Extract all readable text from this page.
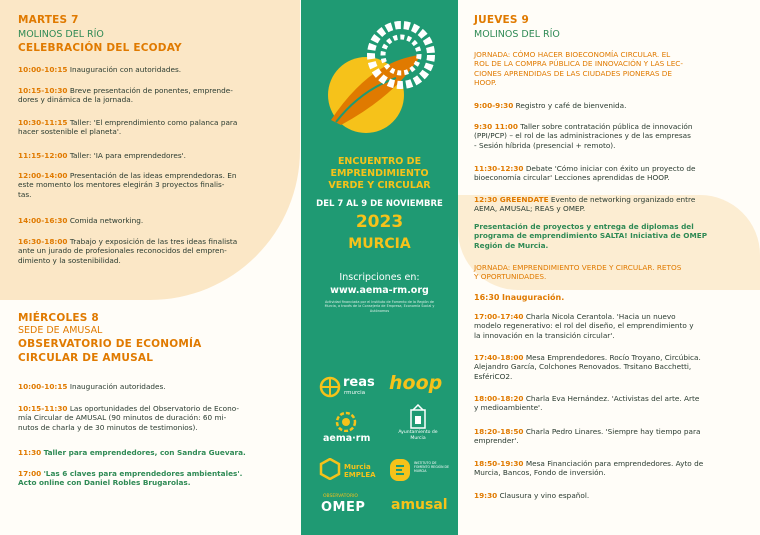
MARTES 7
MOLINOS DEL RÍO
CELEBRACIÓN DEL ECODAY
10:00-10:15 Inauguración con autoridades.
10:15-10:30 Breve presentación de ponentes, emprende-
dores y dinámica de la jornada.
10:30-11:15 Taller: 'El emprendimiento como palanca para
hacer sostenible el planeta'.
11:15-12:00 Taller: 'IA para emprendedores'.
12:00-14:00 Presentación de las ideas emprendedoras. En
este momento los mentores elegirán 3 proyectos finalis-
tas.
14:00-16:30 Comida networking.
16:30-18:00 Trabajo y exposición de las tres ideas finalista
ante un jurado de profesionales reconocidos del empren-
dimiento y la sostenibilidad.
MIÉRCOLES 8
SEDE DE AMUSAL
OBSERVATORIO DE ECONOMÍA
CIRCULAR DE AMUSAL
10:00-10:15 Inauguración autoridades.
10:15-11:30 Las oportunidades del Observatorio de Econo-
mía Circular de AMUSAL (90 minutos de duración: 60 mi-
nutos de charla y de 30 minutos de testimonios).
11:30 Taller para emprendedores, con Sandra Guevara.
17:00 'Las 6 claves para emprendedores ambientales'.
Acto online con Daniel Robles Brugarolas.
ENCUENTRO DE
EMPRENDIMIENTO
VERDE Y CIRCULAR
DEL 7 AL 9 DE NOVIEMBRE
2023
MURCIA
Inscripciones en:
www.aema-rm.org
Actividad financiada por el Instituto de Fomento de la Región de Murcia, a través de la Consejería de Empresa, Economía Social y Autónomos
reas
rmurcia hoop
aema·rm
Ayuntamiento de Murcia
Murcia EMPLEA
INSTITUTO DE FOMENTO REGIÓN DE MURCIA
OBSERVATORIO
OMEP amusal
JUEVES 9
MOLINOS DEL RÍO
JORNADA: CÓMO HACER BIOECONOMÍA CIRCULAR. EL
ROL DE LA COMPRA PÚBLICA DE INNOVACIÓN Y LAS LEC-
CIONES APRENDIDAS DE LAS CIUDADES PIONERAS DE
HOOP.
9:00-9:30 Registro y café de bienvenida.
9:30 11:00 Taller sobre contratación pública de innovación
(PPI/PCP) – el rol de las administraciones y de las empresas
- Sesión híbrida (presencial + remoto).
11:30-12:30 Debate 'Cómo iniciar con éxito un proyecto de
bioeconomía circular' Lecciones aprendidas de HOOP.
12:30 GREENDATE Evento de networking organizado entre
AEMA, AMUSAL; REAS y OMEP.
Presentación de proyectos y entrega de diplomas del
programa de emprendimiento SALTA! Iniciativa de OMEP
Región de Murcia.
JORNADA: EMPRENDIMIENTO VERDE Y CIRCULAR. RETOS
Y OPORTUNIDADES.
16:30 Inauguración.
17:00-17:40 Charla Nicola Cerantola. 'Hacia un nuevo
modelo regenerativo: el rol del diseño, el emprendimiento y
la innovación en la transición circular'.
17:40-18:00 Mesa Emprendedores. Rocío Troyano, Circúbica.
Alejandro García, Colchones Renovados. Trsitano Bacchetti,
EsfériCO2.
18:00-18:20 Charla Eva Hernández. 'Activistas del arte. Arte
y medioambiente'.
18:20-18:50 Charla Pedro Linares. 'Siempre hay tiempo para
emprender'.
18:50-19:30 Mesa Financiación para emprendedores. Ayto de
Murcia, Bancos, Fondo de inversión.
19:30 Clausura y vino español.
